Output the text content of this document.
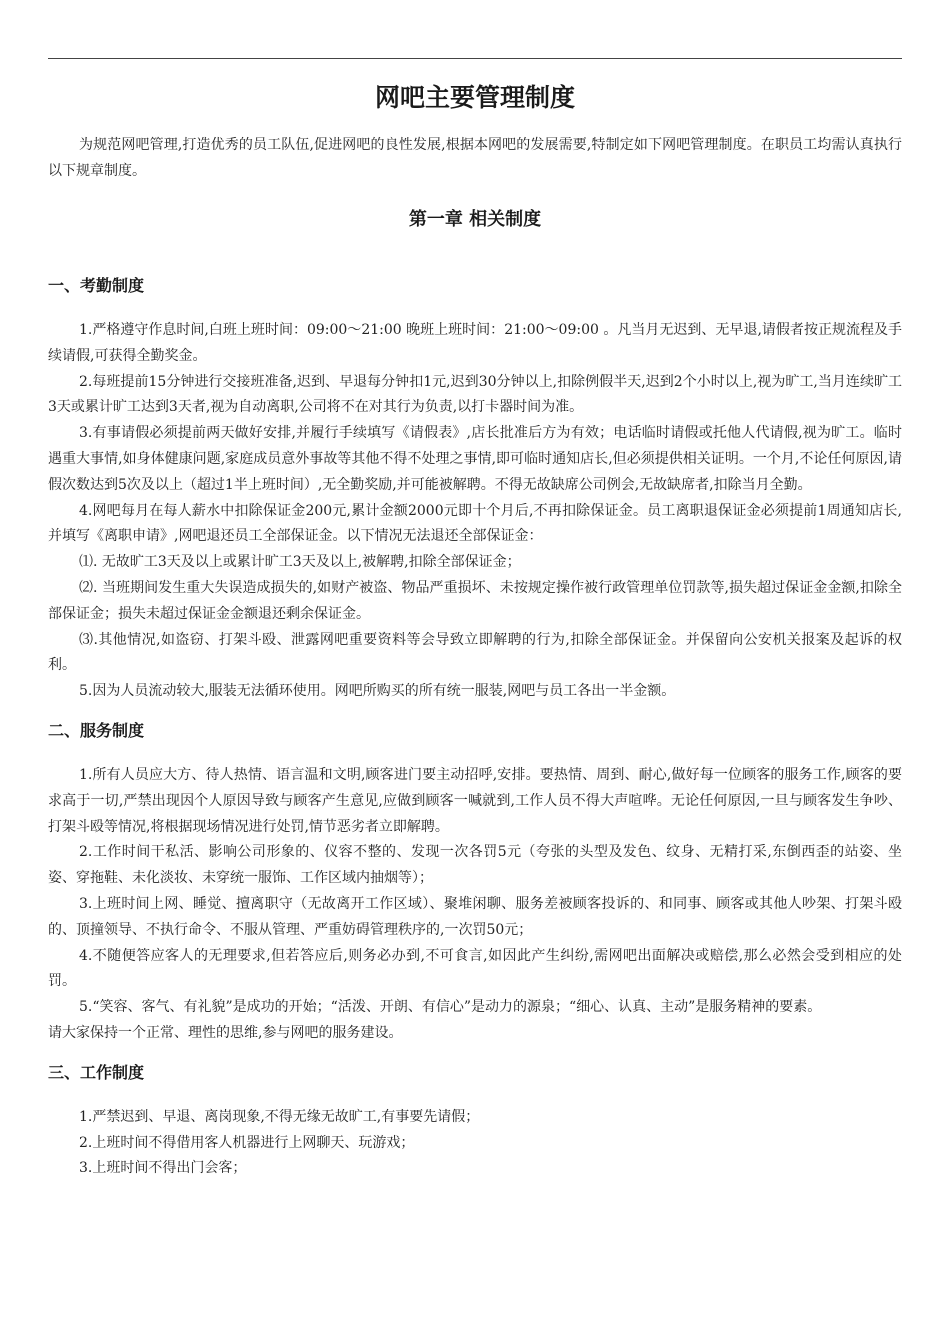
网吧主要管理制度

为规范网吧管理,打造优秀的员工队伍,促进网吧的良性发展,根据本网吧的发展需要,特制定如下网吧管理制度。在职员工均需认真执行以下规章制度。

第一章 相关制度
一、考勤制度

1.严格遵守作息时间,白班上班时间：09:00～21:00 晚班上班时间：21:00～09:00 。凡当月无迟到、无早退,请假者按正规流程及手续请假,可获得全勤奖金。

2.每班提前15分钟进行交接班准备,迟到、早退每分钟扣1元,迟到30分钟以上,扣除例假半天,迟到2个小时以上,视为旷工,当月连续旷工3天或累计旷工达到3天者,视为自动离职,公司将不在对其行为负责,以打卡器时间为准。

3.有事请假必须提前两天做好安排,并履行手续填写《请假表》,店长批准后方为有效；电话临时请假或托他人代请假,视为旷工。临时遇重大事情,如身体健康问题,家庭成员意外事故等其他不得不处理之事情,即可临时通知店长,但必须提供相关证明。一个月,不论任何原因,请假次数达到5次及以上（超过1半上班时间）,无全勤奖励,并可能被解聘。不得无故缺席公司例会,无故缺席者,扣除当月全勤。

4.网吧每月在每人薪水中扣除保证金200元,累计金额2000元即十个月后,不再扣除保证金。员工离职退保证金必须提前1周通知店长,并填写《离职申请》,网吧退还员工全部保证金。以下情况无法退还全部保证金：

⑴. 无故旷工3天及以上或累计旷工3天及以上,被解聘,扣除全部保证金；

⑵. 当班期间发生重大失误造成损失的,如财产被盗、物品严重损坏、未按规定操作被行政管理单位罚款等,损失超过保证金金额,扣除全部保证金；损失未超过保证金金额退还剩余保证金。

⑶.其他情况,如盗窃、打架斗殴、泄露网吧重要资料等会导致立即解聘的行为,扣除全部保证金。并保留向公安机关报案及起诉的权利。

5.因为人员流动较大,服装无法循环使用。网吧所购买的所有统一服装,网吧与员工各出一半金额。

二、服务制度

1.所有人员应大方、待人热情、语言温和文明,顾客进门要主动招呼,安排。要热情、周到、耐心,做好每一位顾客的服务工作,顾客的要求高于一切,严禁出现因个人原因导致与顾客产生意见,应做到顾客一喊就到,工作人员不得大声喧哗。无论任何原因,一旦与顾客发生争吵、打架斗殴等情况,将根据现场情况进行处罚,情节恶劣者立即解聘。

2.工作时间干私活、影响公司形象的、仪容不整的、发现一次各罚5元（夸张的头型及发色、纹身、无精打采,东倒西歪的站姿、坐姿、穿拖鞋、未化淡妆、未穿统一服饰、工作区域内抽烟等）；

3.上班时间上网、睡觉、擅离职守（无故离开工作区域）、聚堆闲聊、服务差被顾客投诉的、和同事、顾客或其他人吵架、打架斗殴的、顶撞领导、不执行命令、不服从管理、严重妨碍管理秩序的,一次罚50元；

4.不随便答应客人的无理要求,但若答应后,则务必办到,不可食言,如因此产生纠纷,需网吧出面解决或赔偿,那么必然会受到相应的处罚。

5.“笑容、客气、有礼貌”是成功的开始；“活泼、开朗、有信心”是动力的源泉；“细心、认真、主动”是服务精神的要素。

请大家保持一个正常、理性的思维,参与网吧的服务建设。

三、工作制度

1.严禁迟到、早退、离岗现象,不得无缘无故旷工,有事要先请假；

2.上班时间不得借用客人机器进行上网聊天、玩游戏；

3.上班时间不得出门会客；
